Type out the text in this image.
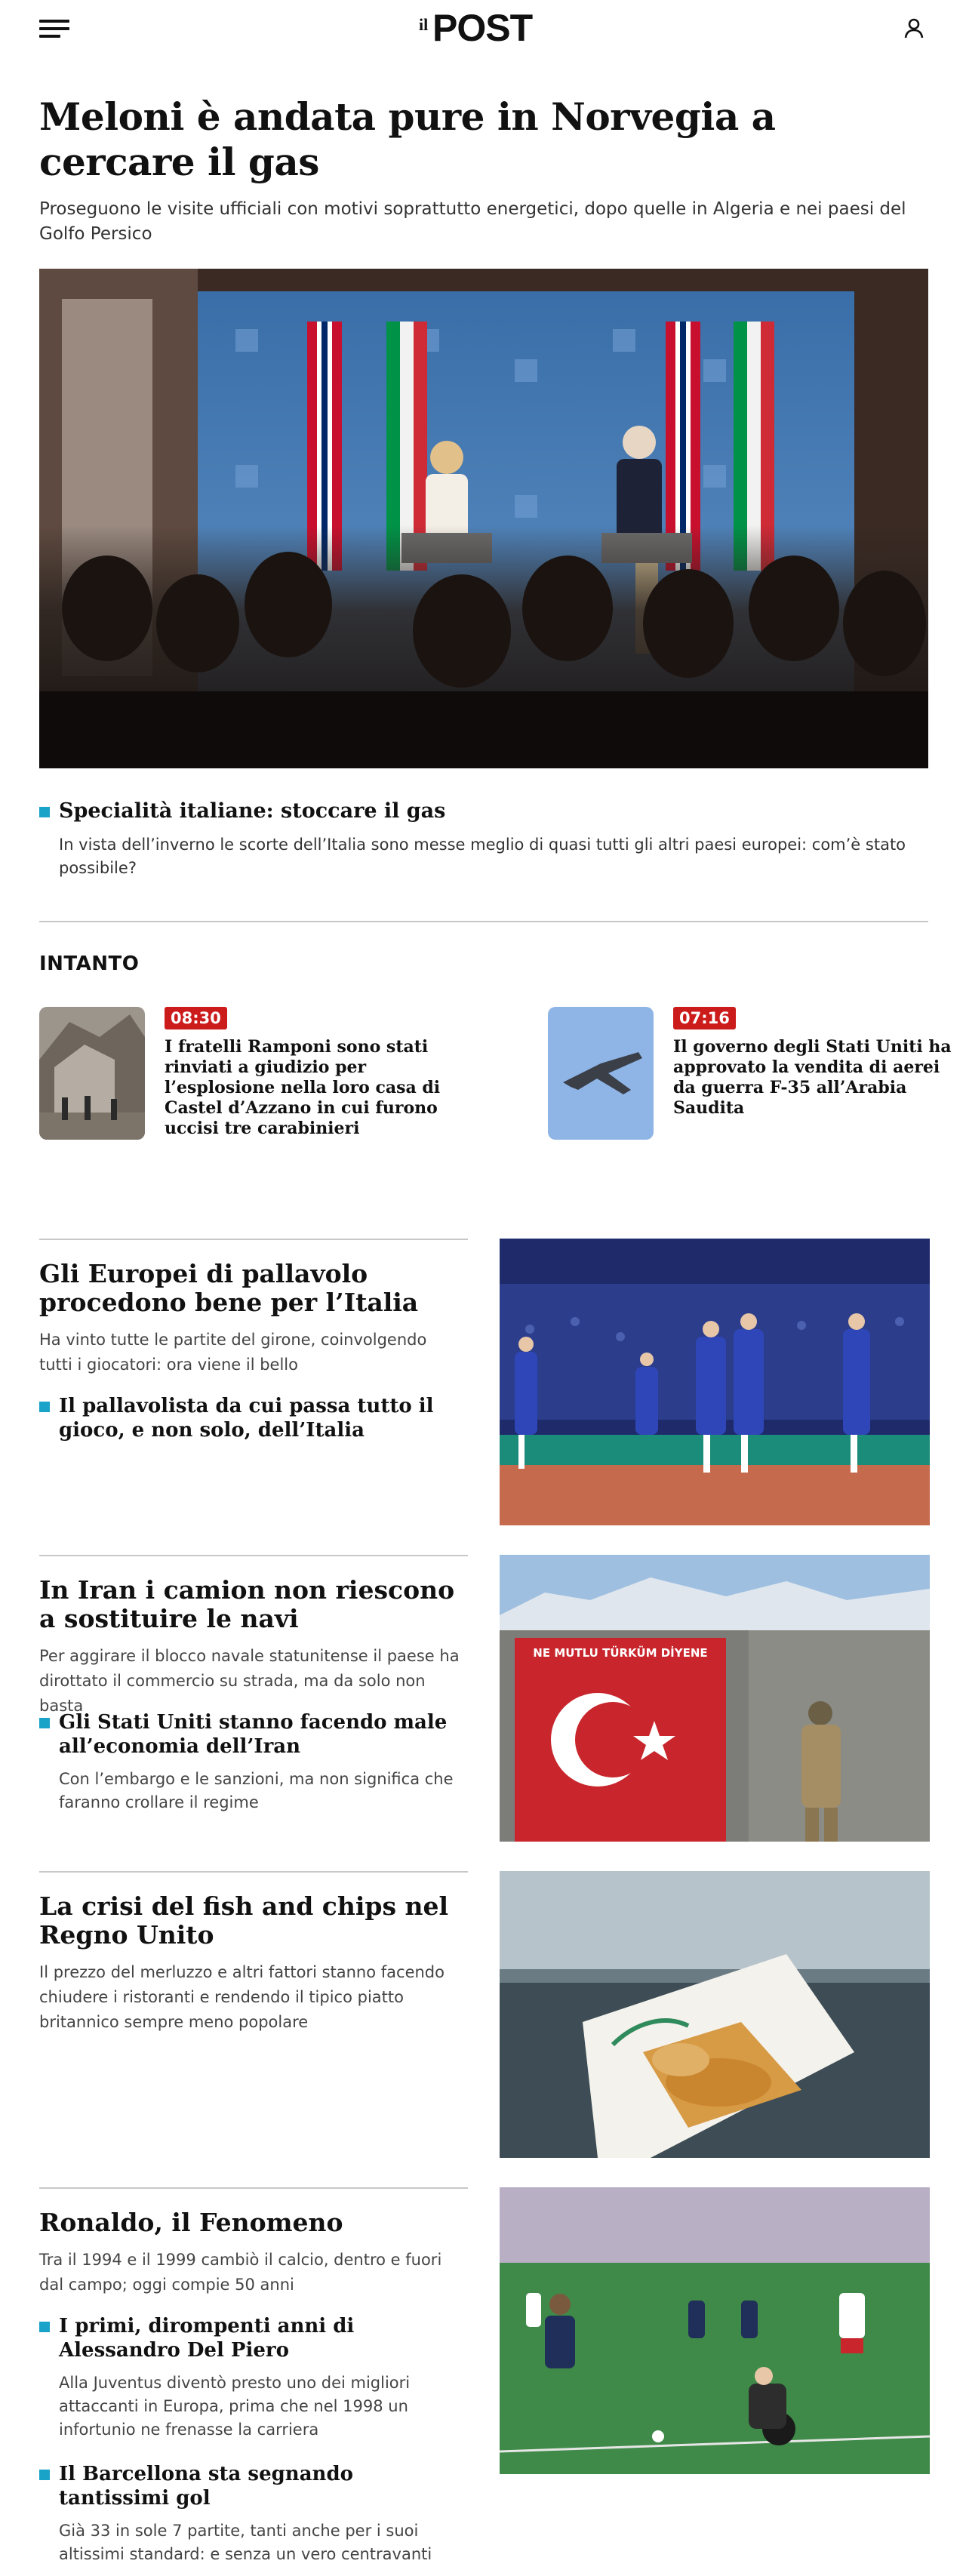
il POST
Meloni è andata pure in Norvegia a cercare il gas

Proseguono le visite ufficiali con motivi soprattutto energetici, dopo quelle in Algeria e nei paesi del Golfo Persico

Specialità italiane: stoccare il gas
In vista dell’inverno le scorte dell’Italia sono messe meglio di quasi tutti gli altri paesi europei: com’è stato possibile?
INTANTO
08:30
I fratelli Ramponi sono stati rinviati a giudizio per l’esplosione nella loro casa di Castel d’Azzano in cui furono uccisi tre carabinieri
07:16
Il governo degli Stati Uniti ha approvato la vendita di aerei da guerra F-35 all’Arabia Saudita
Gli Europei di pallavolo procedono bene per l’Italia
Ha vinto tutte le partite del girone, coinvolgendo tutti i giocatori: ora viene il bello
Il pallavolista da cui passa tutto il gioco, e non solo, dell’Italia
In Iran i camion non riescono a sostituire le navi
Per aggirare il blocco navale statunitense il paese ha dirottato il commercio su strada, ma da solo non basta
Gli Stati Uniti stanno facendo male all’economia dell’Iran
Con l’embargo e le sanzioni, ma non significa che faranno crollare il regime
NE MUTLU TÜRKÜM DİYENE
La crisi del fish and chips nel Regno Unito
Il prezzo del merluzzo e altri fattori stanno facendo chiudere i ristoranti e rendendo il tipico piatto britannico sempre meno popolare
Ronaldo, il Fenomeno
Tra il 1994 e il 1999 cambiò il calcio, dentro e fuori dal campo; oggi compie 50 anni
I primi, dirompenti anni di Alessandro Del Piero
Alla Juventus diventò presto uno dei migliori attaccanti in Europa, prima che nel 1998 un infortunio ne frenasse la carriera
Il Barcellona sta segnando tantissimi gol
Già 33 in sole 7 partite, tanti anche per i suoi altissimi standard: e senza un vero centravanti
